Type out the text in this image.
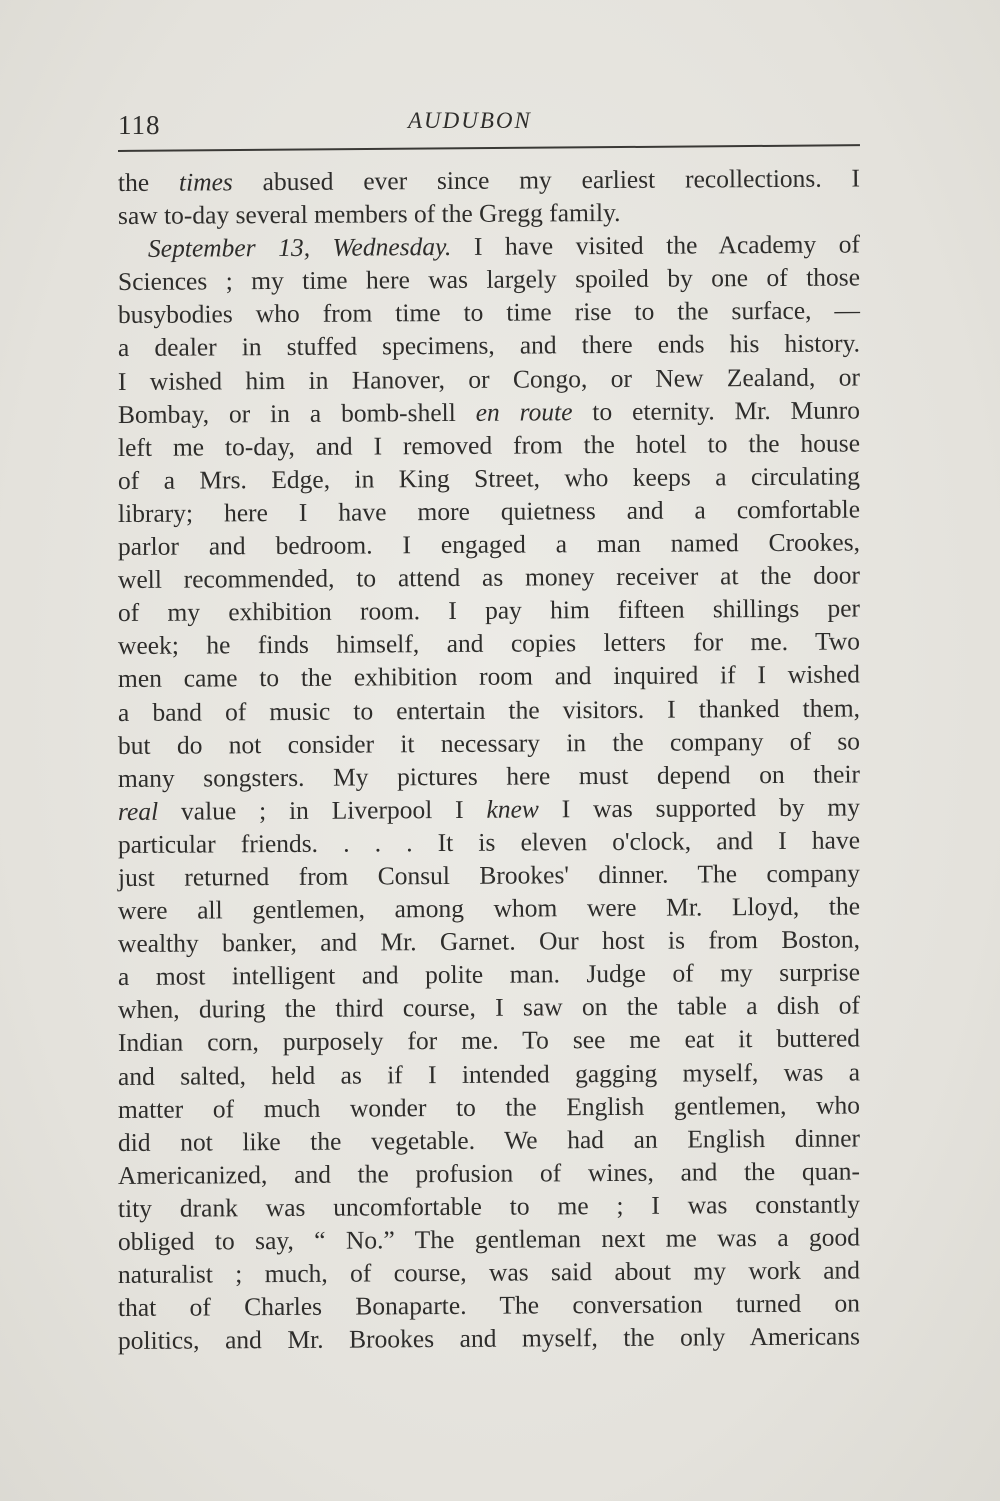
118	AUDUBON
the times abused ever since my earliest recollections. I
saw to-day several members of the Gregg family.
September 13, Wednesday. I have visited the Academy of
Sciences ; my time here was largely spoiled by one of those
busybodies who from time to time rise to the surface, —
a dealer in stuffed specimens, and there ends his history.
I wished him in Hanover, or Congo, or New Zealand, or
Bombay, or in a bomb-shell en route to eternity. Mr. Munro
left me to-day, and I removed from the hotel to the house
of a Mrs. Edge, in King Street, who keeps a circulating
library; here I have more quietness and a comfortable
parlor and bedroom. I engaged a man named Crookes,
well recommended, to attend as money receiver at the door
of my exhibition room. I pay him fifteen shillings per
week; he finds himself, and copies letters for me. Two
men came to the exhibition room and inquired if I wished
a band of music to entertain the visitors. I thanked them,
but do not consider it necessary in the company of so
many songsters. My pictures here must depend on their
real value ; in Liverpool I knew I was supported by my
particular friends. . . . It is eleven o'clock, and I have
just returned from Consul Brookes' dinner. The company
were all gentlemen, among whom were Mr. Lloyd, the
wealthy banker, and Mr. Garnet. Our host is from Boston,
a most intelligent and polite man. Judge of my surprise
when, during the third course, I saw on the table a dish of
Indian corn, purposely for me. To see me eat it buttered
and salted, held as if I intended gagging myself, was a
matter of much wonder to the English gentlemen, who
did not like the vegetable. We had an English dinner
Americanized, and the profusion of wines, and the quan-
tity drank was uncomfortable to me ; I was constantly
obliged to say, “ No.” The gentleman next me was a good
naturalist ; much, of course, was said about my work and
that of Charles Bonaparte. The conversation turned on
politics, and Mr. Brookes and myself, the only Americans
